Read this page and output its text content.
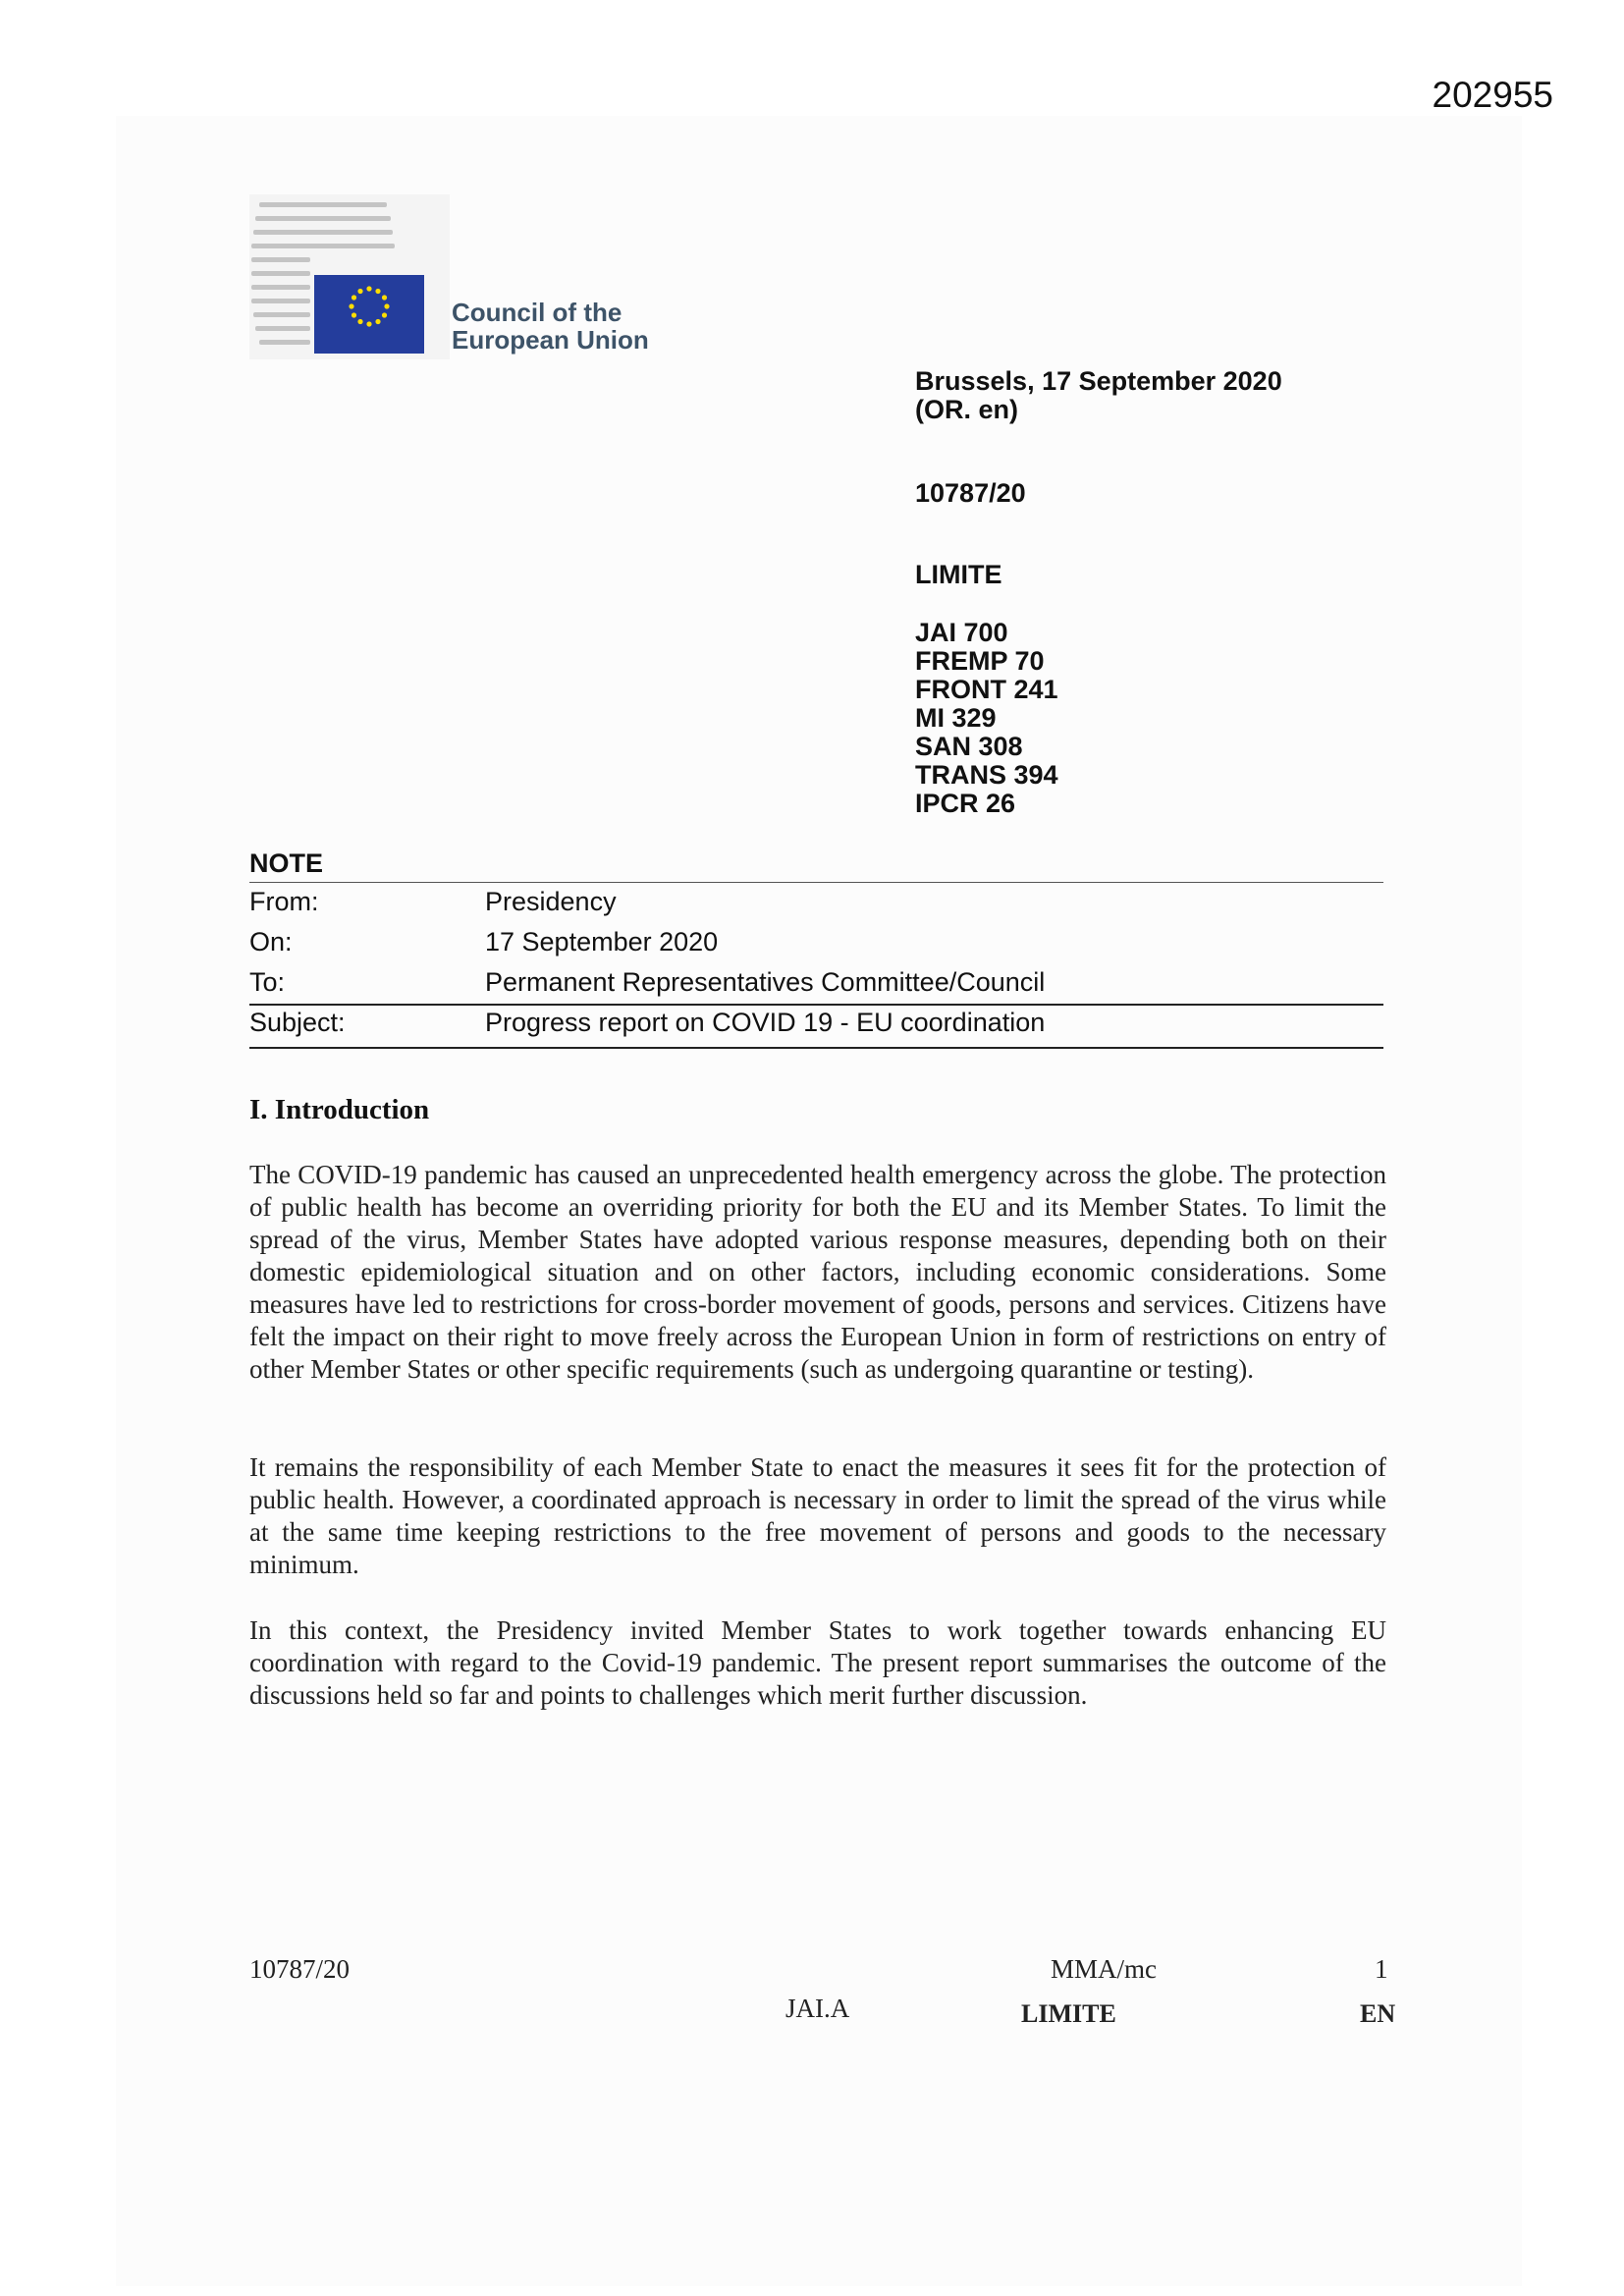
202955
Council of the
European Union
Brussels, 17 September 2020
(OR. en)
10787/20
LIMITE
JAI 700
FREMP 70
FRONT 241
MI 329
SAN 308
TRANS 394
IPCR 26
NOTE
From:	Presidency
On:	17 September 2020
To:	Permanent Representatives Committee/Council
Subject:	Progress report on COVID 19 - EU coordination
I. Introduction

The COVID-19 pandemic has caused an unprecedented health emergency across the globe. The protection of public health has become an overriding priority for both the EU and its Member States. To limit the spread of the virus, Member States have adopted various response measures, depending both on their domestic epidemiological situation and on other factors, including economic considerations. Some measures have led to restrictions for cross-border movement of goods, persons and services. Citizens have felt the impact on their right to move freely across the European Union in form of restrictions on entry of other Member States or other specific requirements (such as undergoing quarantine or testing).

It remains the responsibility of each Member State to enact the measures it sees fit for the protection of public health. However, a coordinated approach is necessary in order to limit the spread of the virus while at the same time keeping restrictions to the free movement of persons and goods to the necessary minimum.

In this context, the Presidency invited Member States to work together towards enhancing EU coordination with regard to the Covid-19 pandemic. The present report summarises the outcome of the discussions held so far and points to challenges which merit further discussion.

10787/20	MMA/mc	1
JAI.A	LIMITE	EN
